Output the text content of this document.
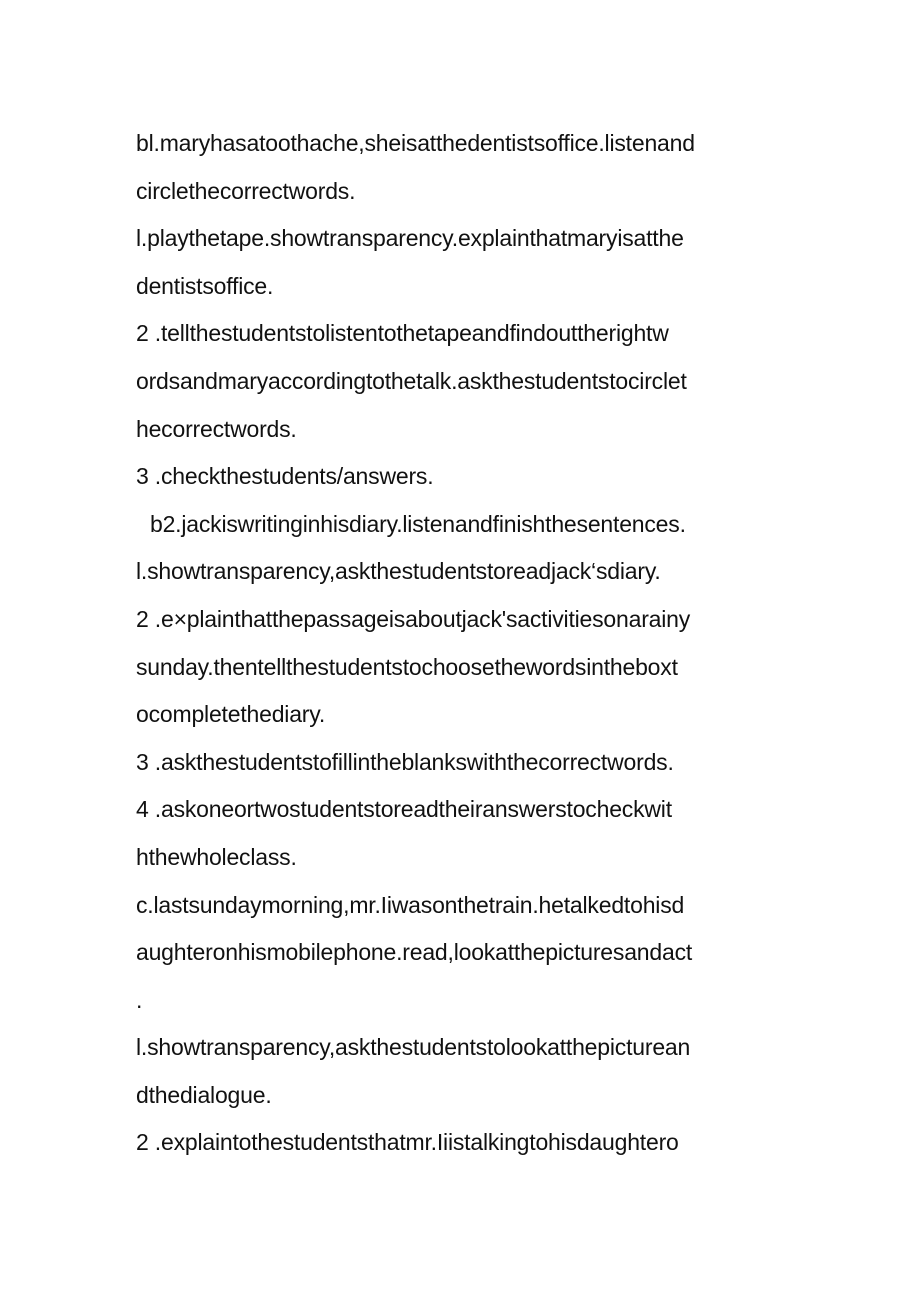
bl.maryhasatoothache,sheisatthedentistsoffice.listenand
circlethecorrectwords.
l.playthetape.showtransparency.explainthatmaryisatthe
dentistsoffice.
2 .tellthestudentstolistentothetapeandfindouttherightw
ordsandmaryaccordingtothetalk.askthestudentstocirclet
hecorrectwords.
3 .checkthestudents/answers.
b2.jackiswritinginhisdiary.listenandfinishthesentences.
l.showtransparency,askthestudentstoreadjack‘sdiary.
2 .e×plainthatthepassageisaboutjack'sactivitiesonarainy
sunday.thentellthestudentstochoosethewordsintheboxt
ocompletethediary.
3 .askthestudentstofillintheblankswiththecorrectwords.
4 .askoneortwostudentstoreadtheiranswerstocheckwit
hthewholeclass.
c.lastsundaymorning,mr.Iiwasonthetrain.hetalkedtohisd
aughteronhismobilephone.read,lookatthepicturesandact
.
l.showtransparency,askthestudentstolookatthepicturean
dthedialogue.
2 .explaintothestudentsthatmr.Iiistalkingtohisdaughtero
